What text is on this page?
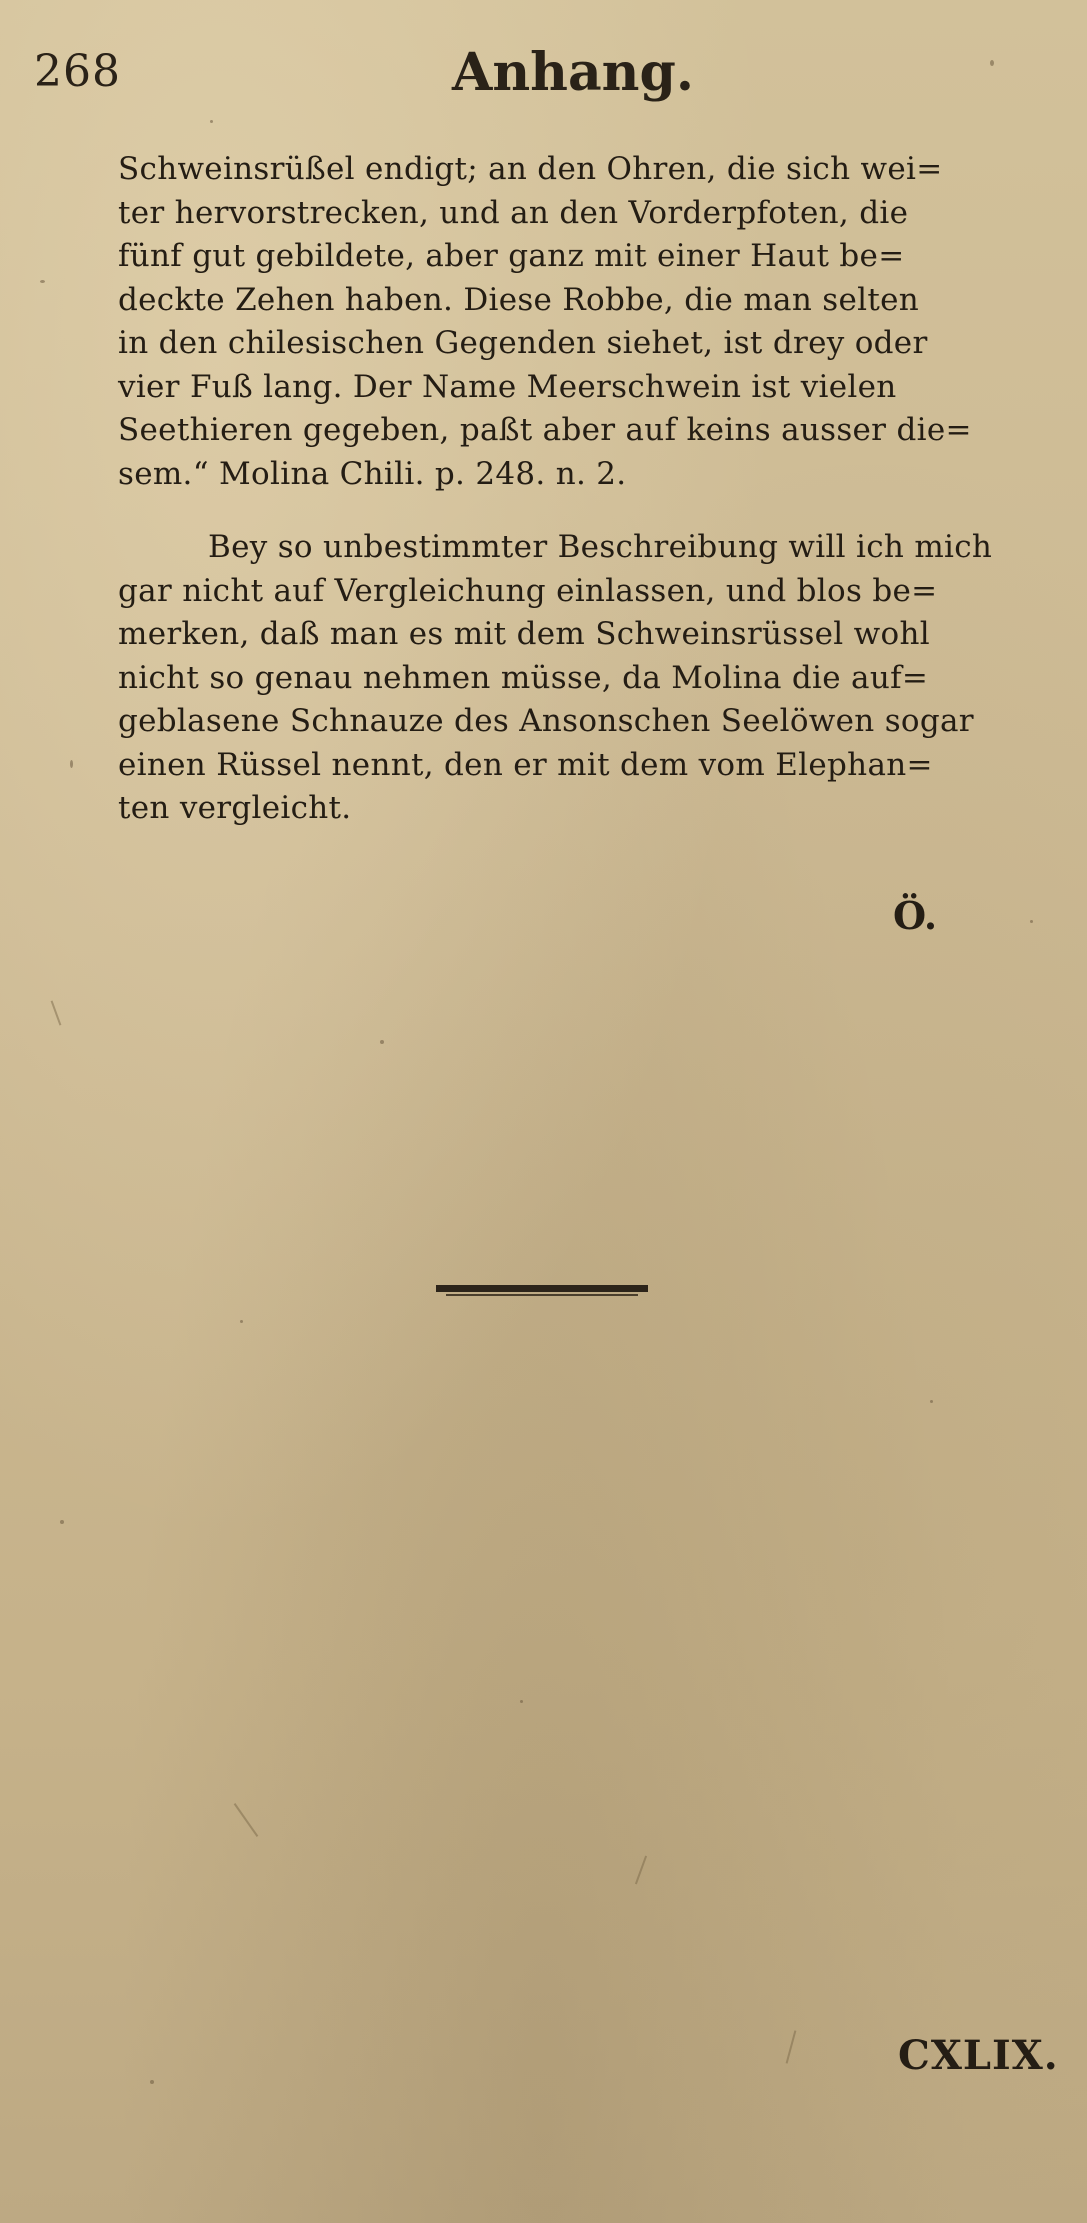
268	Anhang.
Schweinsrüßel endigt; an den Ohren, die sich wei=
ter hervorstrecken, und an den Vorderpfoten, die
fünf gut gebildete, aber ganz mit einer Haut be=
deckte Zehen haben. Diese Robbe, die man selten
in den chilesischen Gegenden siehet, ist drey oder
vier Fuß lang. Der Name Meerschwein ist vielen
Seethieren gegeben, paßt aber auf keins ausser die=
sem.“ Molina Chili. p. 248. n. 2.
Bey so unbestimmter Beschreibung will ich mich
gar nicht auf Vergleichung einlassen, und blos be=
merken, daß man es mit dem Schweinsrüssel wohl
nicht so genau nehmen müsse, da Molina die auf=
geblasene Schnauze des Ansonschen Seelöwen sogar
einen Rüssel nennt, den er mit dem vom Elephan=
ten vergleicht.
Ö.
CXLIX.
